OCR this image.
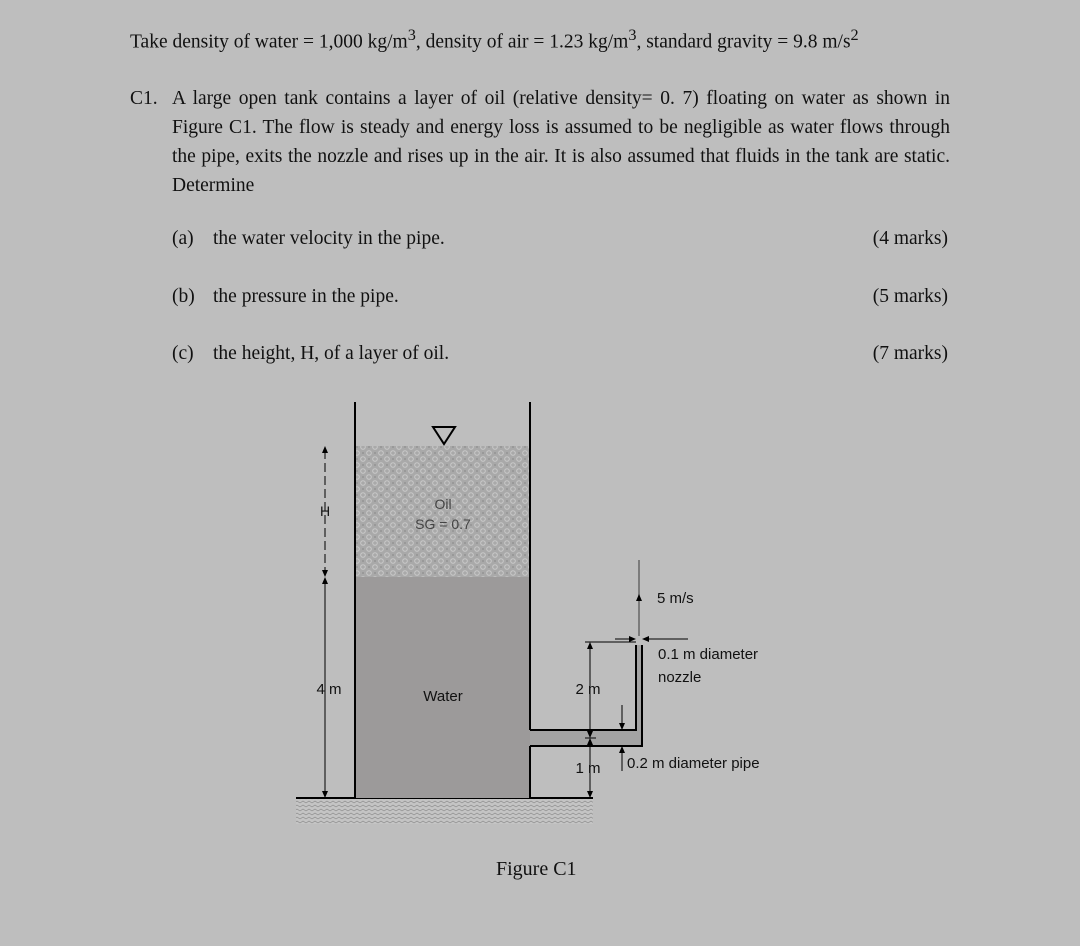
Take density of water = 1,000 $kg/m^3$, density of air = 1.23 $kg/m^3$, standard gravity = 9.8 $m/s^2$
C1. A large open tank contains a layer of oil (relative density= 0. 7) floating on water as shown in Figure C1. The flow is steady and energy loss is assumed to be negligible as water flows through the pipe, exits the nozzle and rises up in the air. It is also assumed that fluids in the tank are static. Determine
(a) the water velocity in the pipe.	(4 marks)
(b) the pressure in the pipe.	(5 marks)
(c) the height, H, of a layer of oil.	(7 marks)
Oil
SG = 0.7
Water
H
4 m	2 m
1 m
5 m/s
0.1 m diameter
nozzle
0.2 m diameter pipe
Figure C1
